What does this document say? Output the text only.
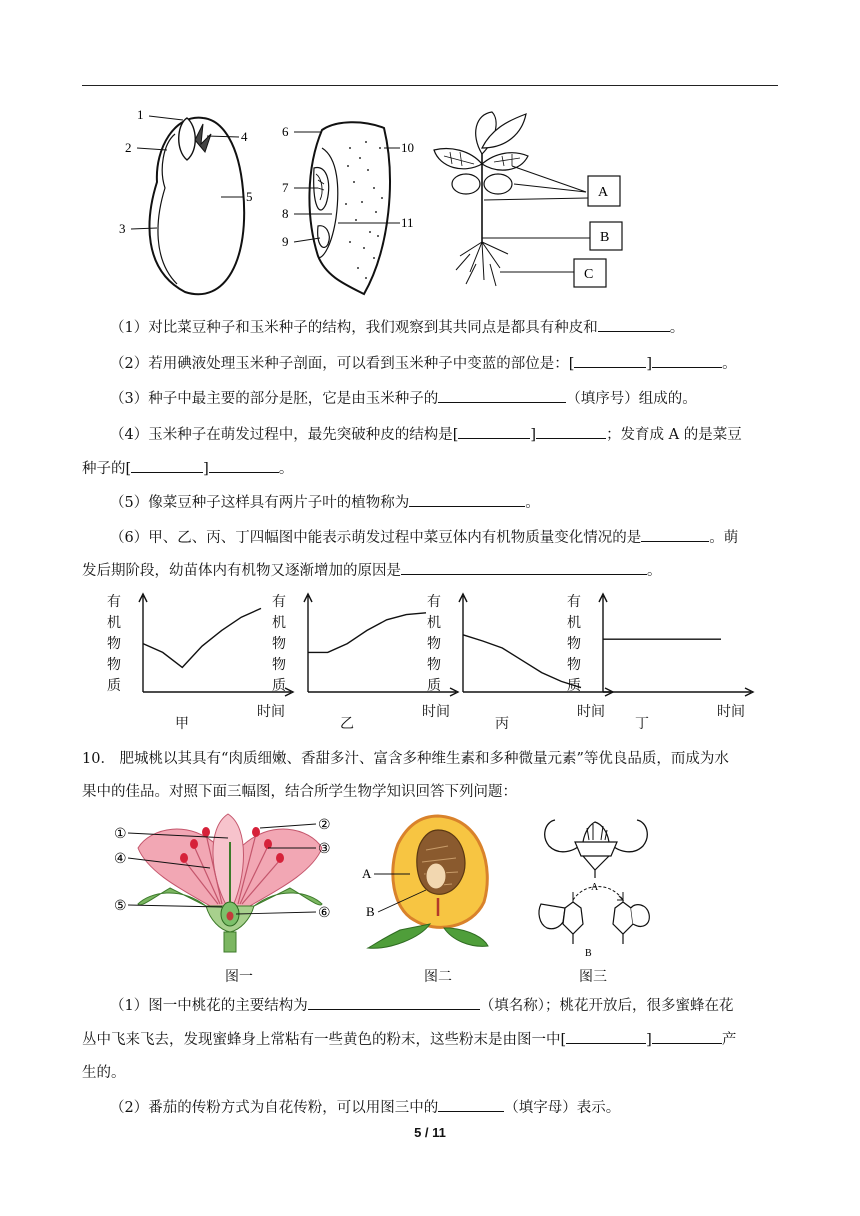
1
2
3
4
5
6
7
8
9
10
11
A
B
C
（1）对比菜豆种子和玉米种子的结构，我们观察到其共同点是都具有种皮和	。
（2）若用碘液处理玉米种子剖面，可以看到玉米种子中变蓝的部位是：[	]	。
（3）种子中最主要的部分是胚，它是由玉米种子的	（填序号）组成的。
（4）玉米种子在萌发过程中，最先突破种皮的结构是[	]	；发育成 A 的是菜豆
种子的[	]	。
（5）像菜豆种子这样具有两片子叶的植物称为	。
（6）甲、乙、丙、丁四幅图中能表示萌发过程中菜豆体内有机物质量变化情况的是	。萌
发后期阶段，幼苗体内有机物又逐渐增加的原因是	。
有
机
物
物
质
时间
甲
有
机
物
物
质
时间
乙
有
机
物
物
质
时间
丙
有
机
物
物
质
时间
丁
10． 肥城桃以其具有“肉质细嫩、香甜多汁、富含多种维生素和多种微量元素”等优良品质，而成为水
果中的佳品。对照下面三幅图，结合所学生物学知识回答下列问题：
①
②
③
④
⑤	⑥
A
B
A
B
图一	图二	图三
（1）图一中桃花的主要结构为	（填名称）；桃花开放后，很多蜜蜂在花
丛中飞来飞去，发现蜜蜂身上常粘有一些黄色的粉末，这些粉末是由图一中[	]	产
生的。
（2）番茄的传粉方式为自花传粉，可以用图三中的	（填字母）表示。
5 / 11
